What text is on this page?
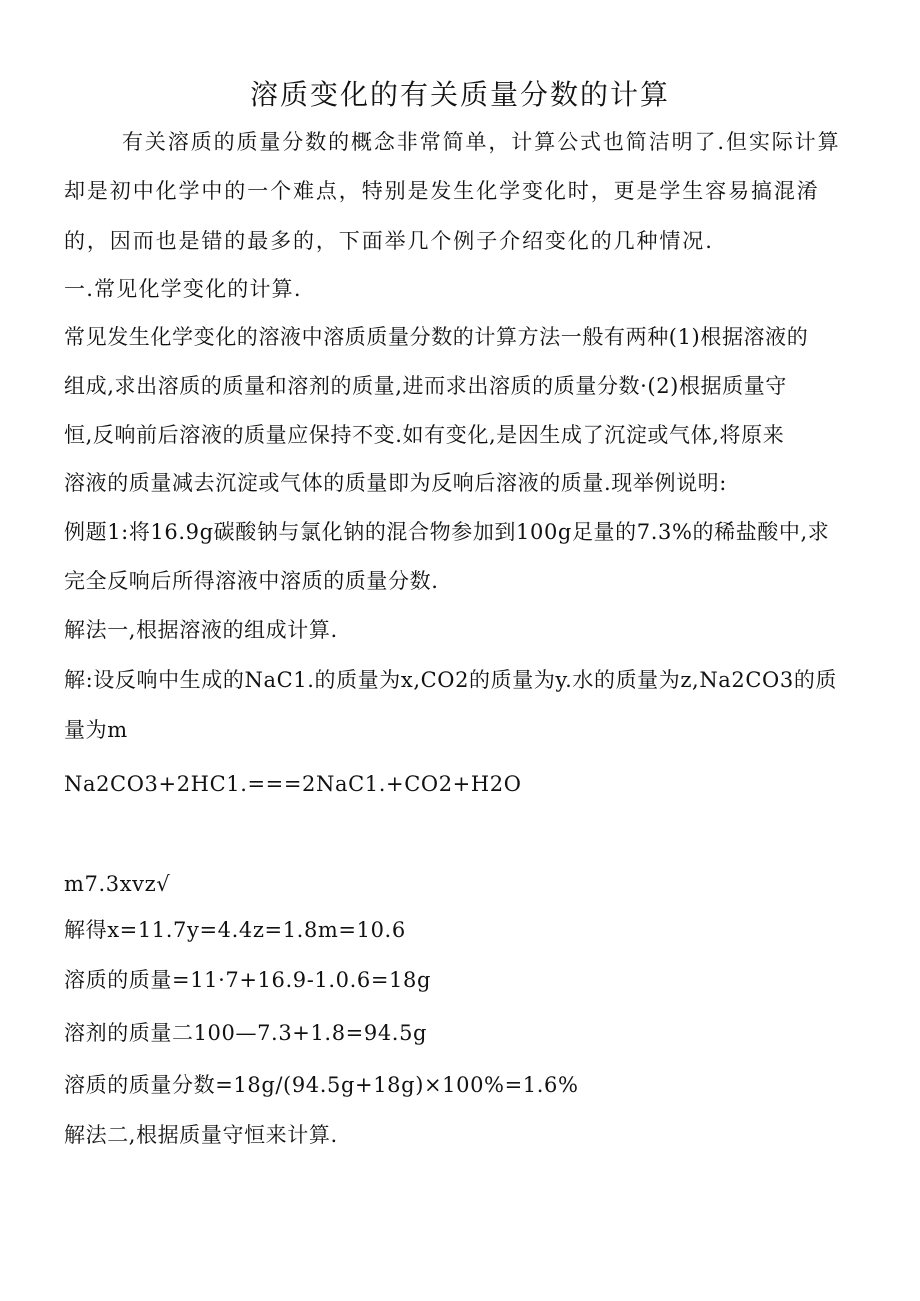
溶质变化的有关质量分数的计算
有关溶质的质量分数的概念非常简单，计算公式也简洁明了.但实际计算
却是初中化学中的一个难点，特别是发生化学变化时，更是学生容易搞混淆
的，因而也是错的最多的，下面举几个例子介绍变化的几种情况.
一.常见化学变化的计算.
常见发生化学变化的溶液中溶质质量分数的计算方法一般有两种(1)根据溶液的
组成,求出溶质的质量和溶剂的质量,进而求出溶质的质量分数·(2)根据质量守
恒,反响前后溶液的质量应保持不变.如有变化,是因生成了沉淀或气体,将原来
溶液的质量减去沉淀或气体的质量即为反响后溶液的质量.现举例说明:
例题1:将16.9g碳酸钠与氯化钠的混合物参加到100g足量的7.3%的稀盐酸中,求
完全反响后所得溶液中溶质的质量分数.
解法一,根据溶液的组成计算.
解:设反响中生成的NaC1.的质量为x,CO2的质量为y.水的质量为z,Na2CO3的质
量为m
Na2CO3+2HC1.===2NaC1.+CO2+H2O
m7.3xvz√
解得x=11.7y=4.4z=1.8m=10.6
溶质的质量=11·7+16.9-1.0.6=18g
溶剂的质量二100—7.3+1.8=94.5g
溶质的质量分数=18g/(94.5g+18g)×100%=1.6%
解法二,根据质量守恒来计算.
